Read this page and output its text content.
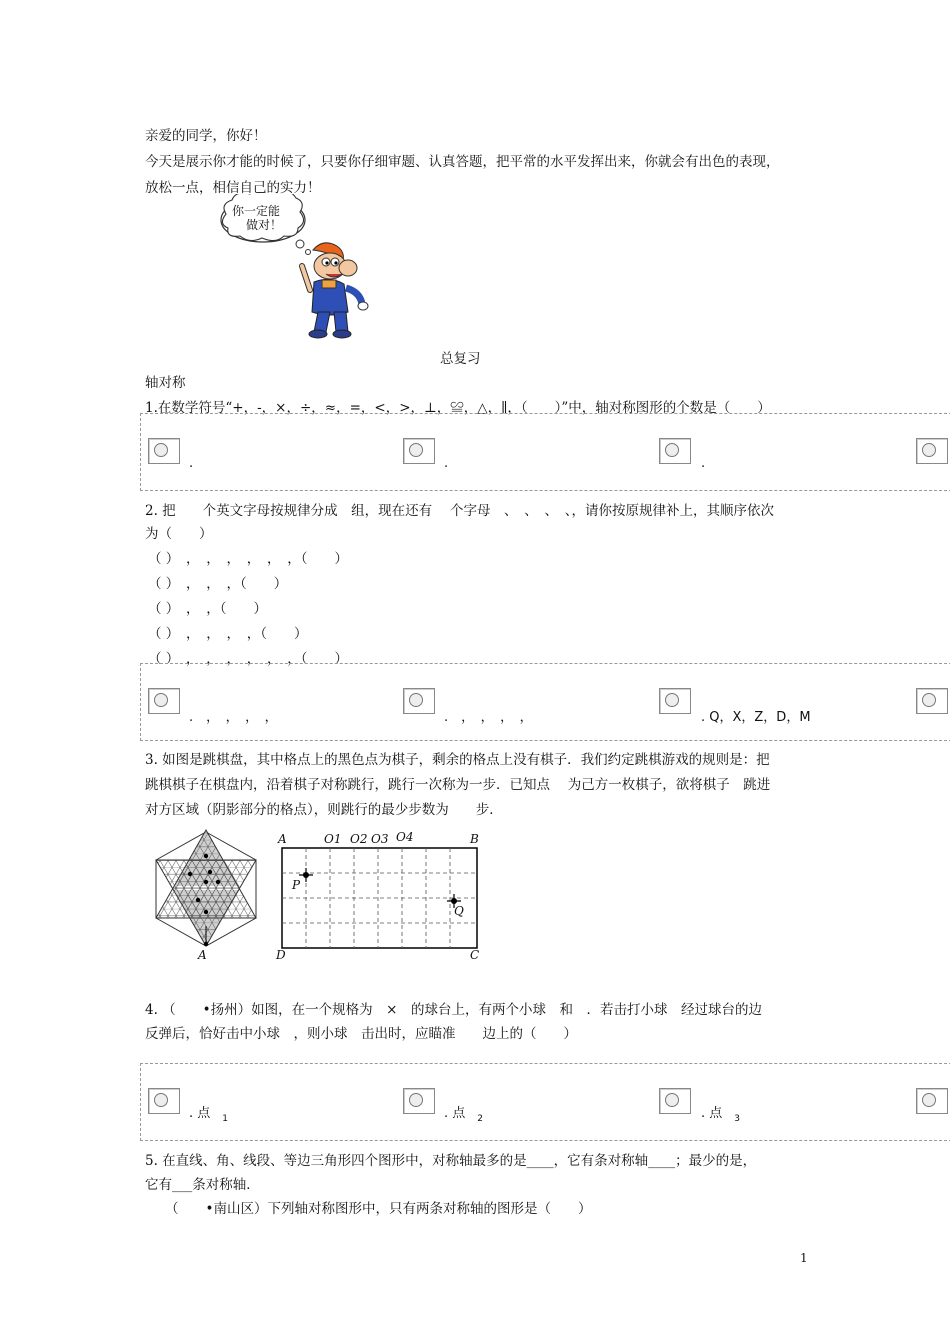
亲爱的同学，你好！
今天是展示你才能的时候了，只要你仔细审题、认真答题，把平常的水平发挥出来，你就会有出色的表现，
放松一点，相信自己的实力！
你一定能
做对！
总复习
轴对称
1.在数学符号“+，-，×，÷，≈，=，<，>，⊥，≌，△，∥，（　　）”中，轴对称图形的个数是（　　）
.	.	.
2. 把　　个英文字母按规律分成　组，现在还有　 个字母　、　、　、　、，请你按原规律补上，其顺序依次
为（　　）
（ ）　，　，　，　，　，　，（　　）
（ ）　，　，　，（　　）
（ ）　，　，（　　）
（ ）　，　，　，　，（　　）
（ ）　，　，　，　，　，　，（　　）
.　，　，　，　，	.　，　，　，　，	. Q，X，Z，D，M
3. 如图是跳棋盘，其中格点上的黑色点为棋子，剩余的格点上没有棋子．我们约定跳棋游戏的规则是：把
跳棋棋子在棋盘内，沿着棋子对称跳行，跳行一次称为一步．已知点　 为己方一枚棋子，欲将棋子　跳进
对方区域（阴影部分的格点），则跳行的最少步数为　　步．
A
A	B
C
D
O1 O2 O3 O4
P
Q
4. （　　•扬州）如图，在一个规格为　×　的球台上，有两个小球　和　．若击打小球　经过球台的边
反弹后，恰好击中小球　，则小球　击出时，应瞄准　　边上的（　　）
. 点 $_1$	. 点 $_2$	. 点 $_3$
5. 在直线、角、线段、等边三角形四个图形中，对称轴最多的是____，它有条对称轴____；最少的是，
它有___条对称轴．
（　　•南山区）下列轴对称图形中，只有两条对称轴的图形是（　　）
1
